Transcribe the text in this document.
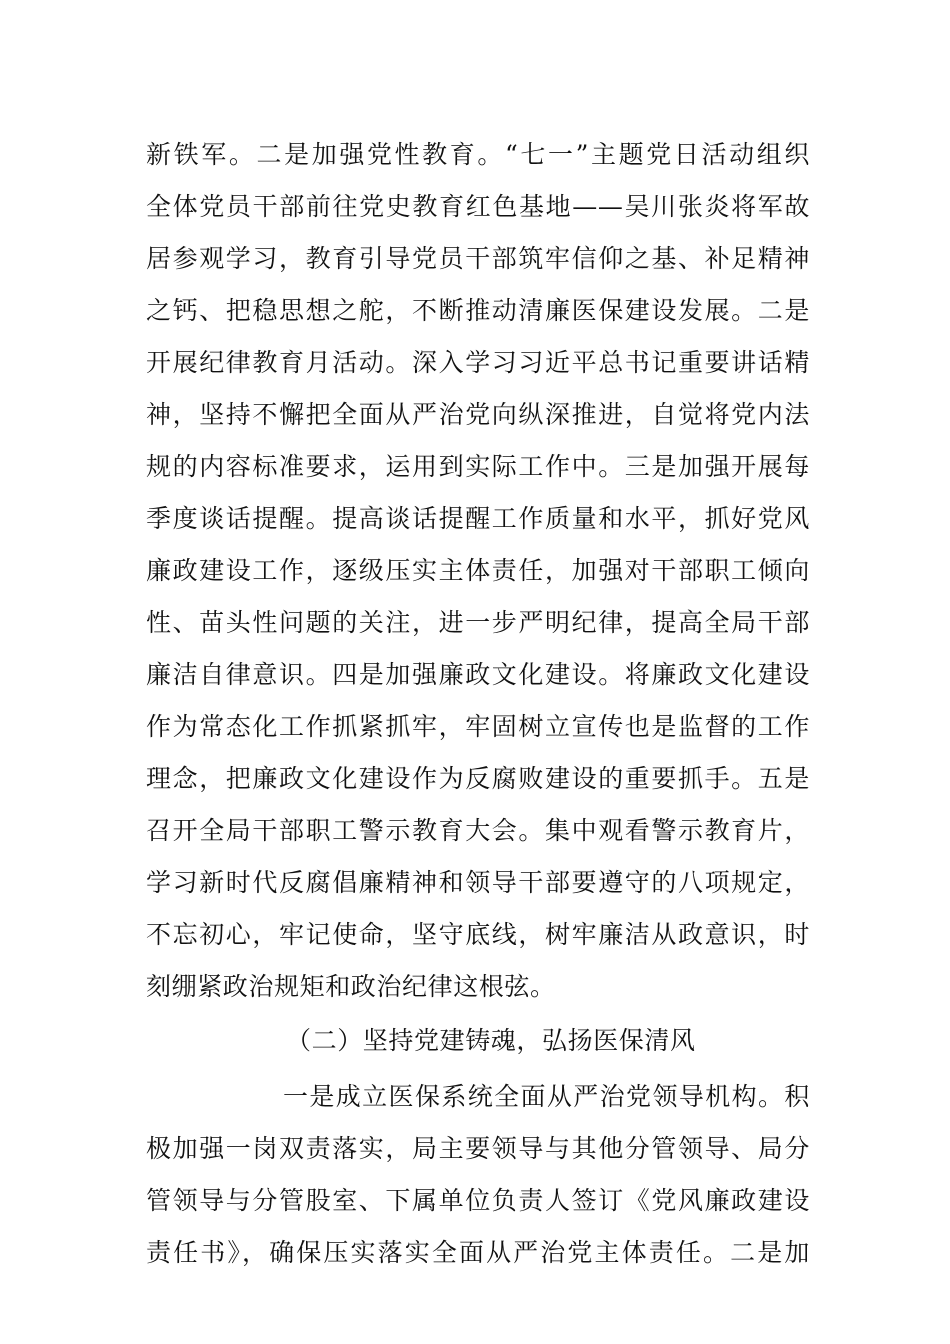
新铁军。二是加强党性教育。“七一”主题党日活动组织
全体党员干部前往党史教育红色基地——吴川张炎将军故
居参观学习，教育引导党员干部筑牢信仰之基、补足精神
之钙、把稳思想之舵，不断推动清廉医保建设发展。二是
开展纪律教育月活动。深入学习习近平总书记重要讲话精
神，坚持不懈把全面从严治党向纵深推进，自觉将党内法
规的内容标准要求，运用到实际工作中。三是加强开展每
季度谈话提醒。提高谈话提醒工作质量和水平，抓好党风
廉政建设工作，逐级压实主体责任，加强对干部职工倾向
性、苗头性问题的关注，进一步严明纪律，提高全局干部
廉洁自律意识。四是加强廉政文化建设。将廉政文化建设
作为常态化工作抓紧抓牢，牢固树立宣传也是监督的工作
理念，把廉政文化建设作为反腐败建设的重要抓手。五是
召开全局干部职工警示教育大会。集中观看警示教育片，
学习新时代反腐倡廉精神和领导干部要遵守的八项规定，
不忘初心，牢记使命，坚守底线，树牢廉洁从政意识，时
刻绷紧政治规矩和政治纪律这根弦。
（二）坚持党建铸魂，弘扬医保清风
一是成立医保系统全面从严治党领导机构。积
极加强一岗双责落实，局主要领导与其他分管领导、局分
管领导与分管股室、下属单位负责人签订《党风廉政建设
责任书》，确保压实落实全面从严治党主体责任。二是加
